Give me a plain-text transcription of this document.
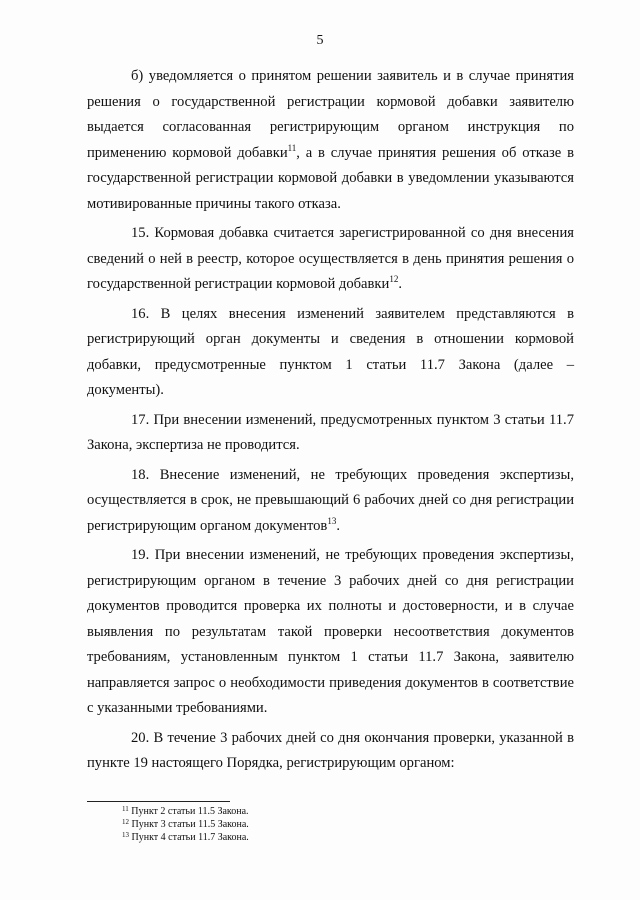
5

б) уведомляется о принятом решении заявитель и в случае принятия решения о государственной регистрации кормовой добавки заявителю выдается согласованная регистрирующим органом инструкция по применению кормовой добавки$^{11}$, а в случае принятия решения об отказе в государственной регистрации кормовой добавки в уведомлении указываются мотивированные причины такого отказа.

15. Кормовая добавка считается зарегистрированной со дня внесения сведений о ней в реестр, которое осуществляется в день принятия решения о государственной регистрации кормовой добавки$^{12}$.

16. В целях внесения изменений заявителем представляются в регистрирующий орган документы и сведения в отношении кормовой добавки, предусмотренные пунктом 1 статьи 11.7 Закона (далее – документы).

17. При внесении изменений, предусмотренных пунктом 3 статьи 11.7 Закона, экспертиза не проводится.

18. Внесение изменений, не требующих проведения экспертизы, осуществляется в срок, не превышающий 6 рабочих дней со дня регистрации регистрирующим органом документов$^{13}$.

19. При внесении изменений, не требующих проведения экспертизы, регистрирующим органом в течение 3 рабочих дней со дня регистрации документов проводится проверка их полноты и достоверности, и в случае выявления по результатам такой проверки несоответствия документов требованиям, установленным пунктом 1 статьи 11.7 Закона, заявителю направляется запрос о необходимости приведения документов в соответствие с указанными требованиями.

20. В течение 3 рабочих дней со дня окончания проверки, указанной в пункте 19 настоящего Порядка, регистрирующим органом:

$^{11}$ Пункт 2 статьи 11.5 Закона.
$^{12}$ Пункт 3 статьи 11.5 Закона.
$^{13}$ Пункт 4 статьи 11.7 Закона.
